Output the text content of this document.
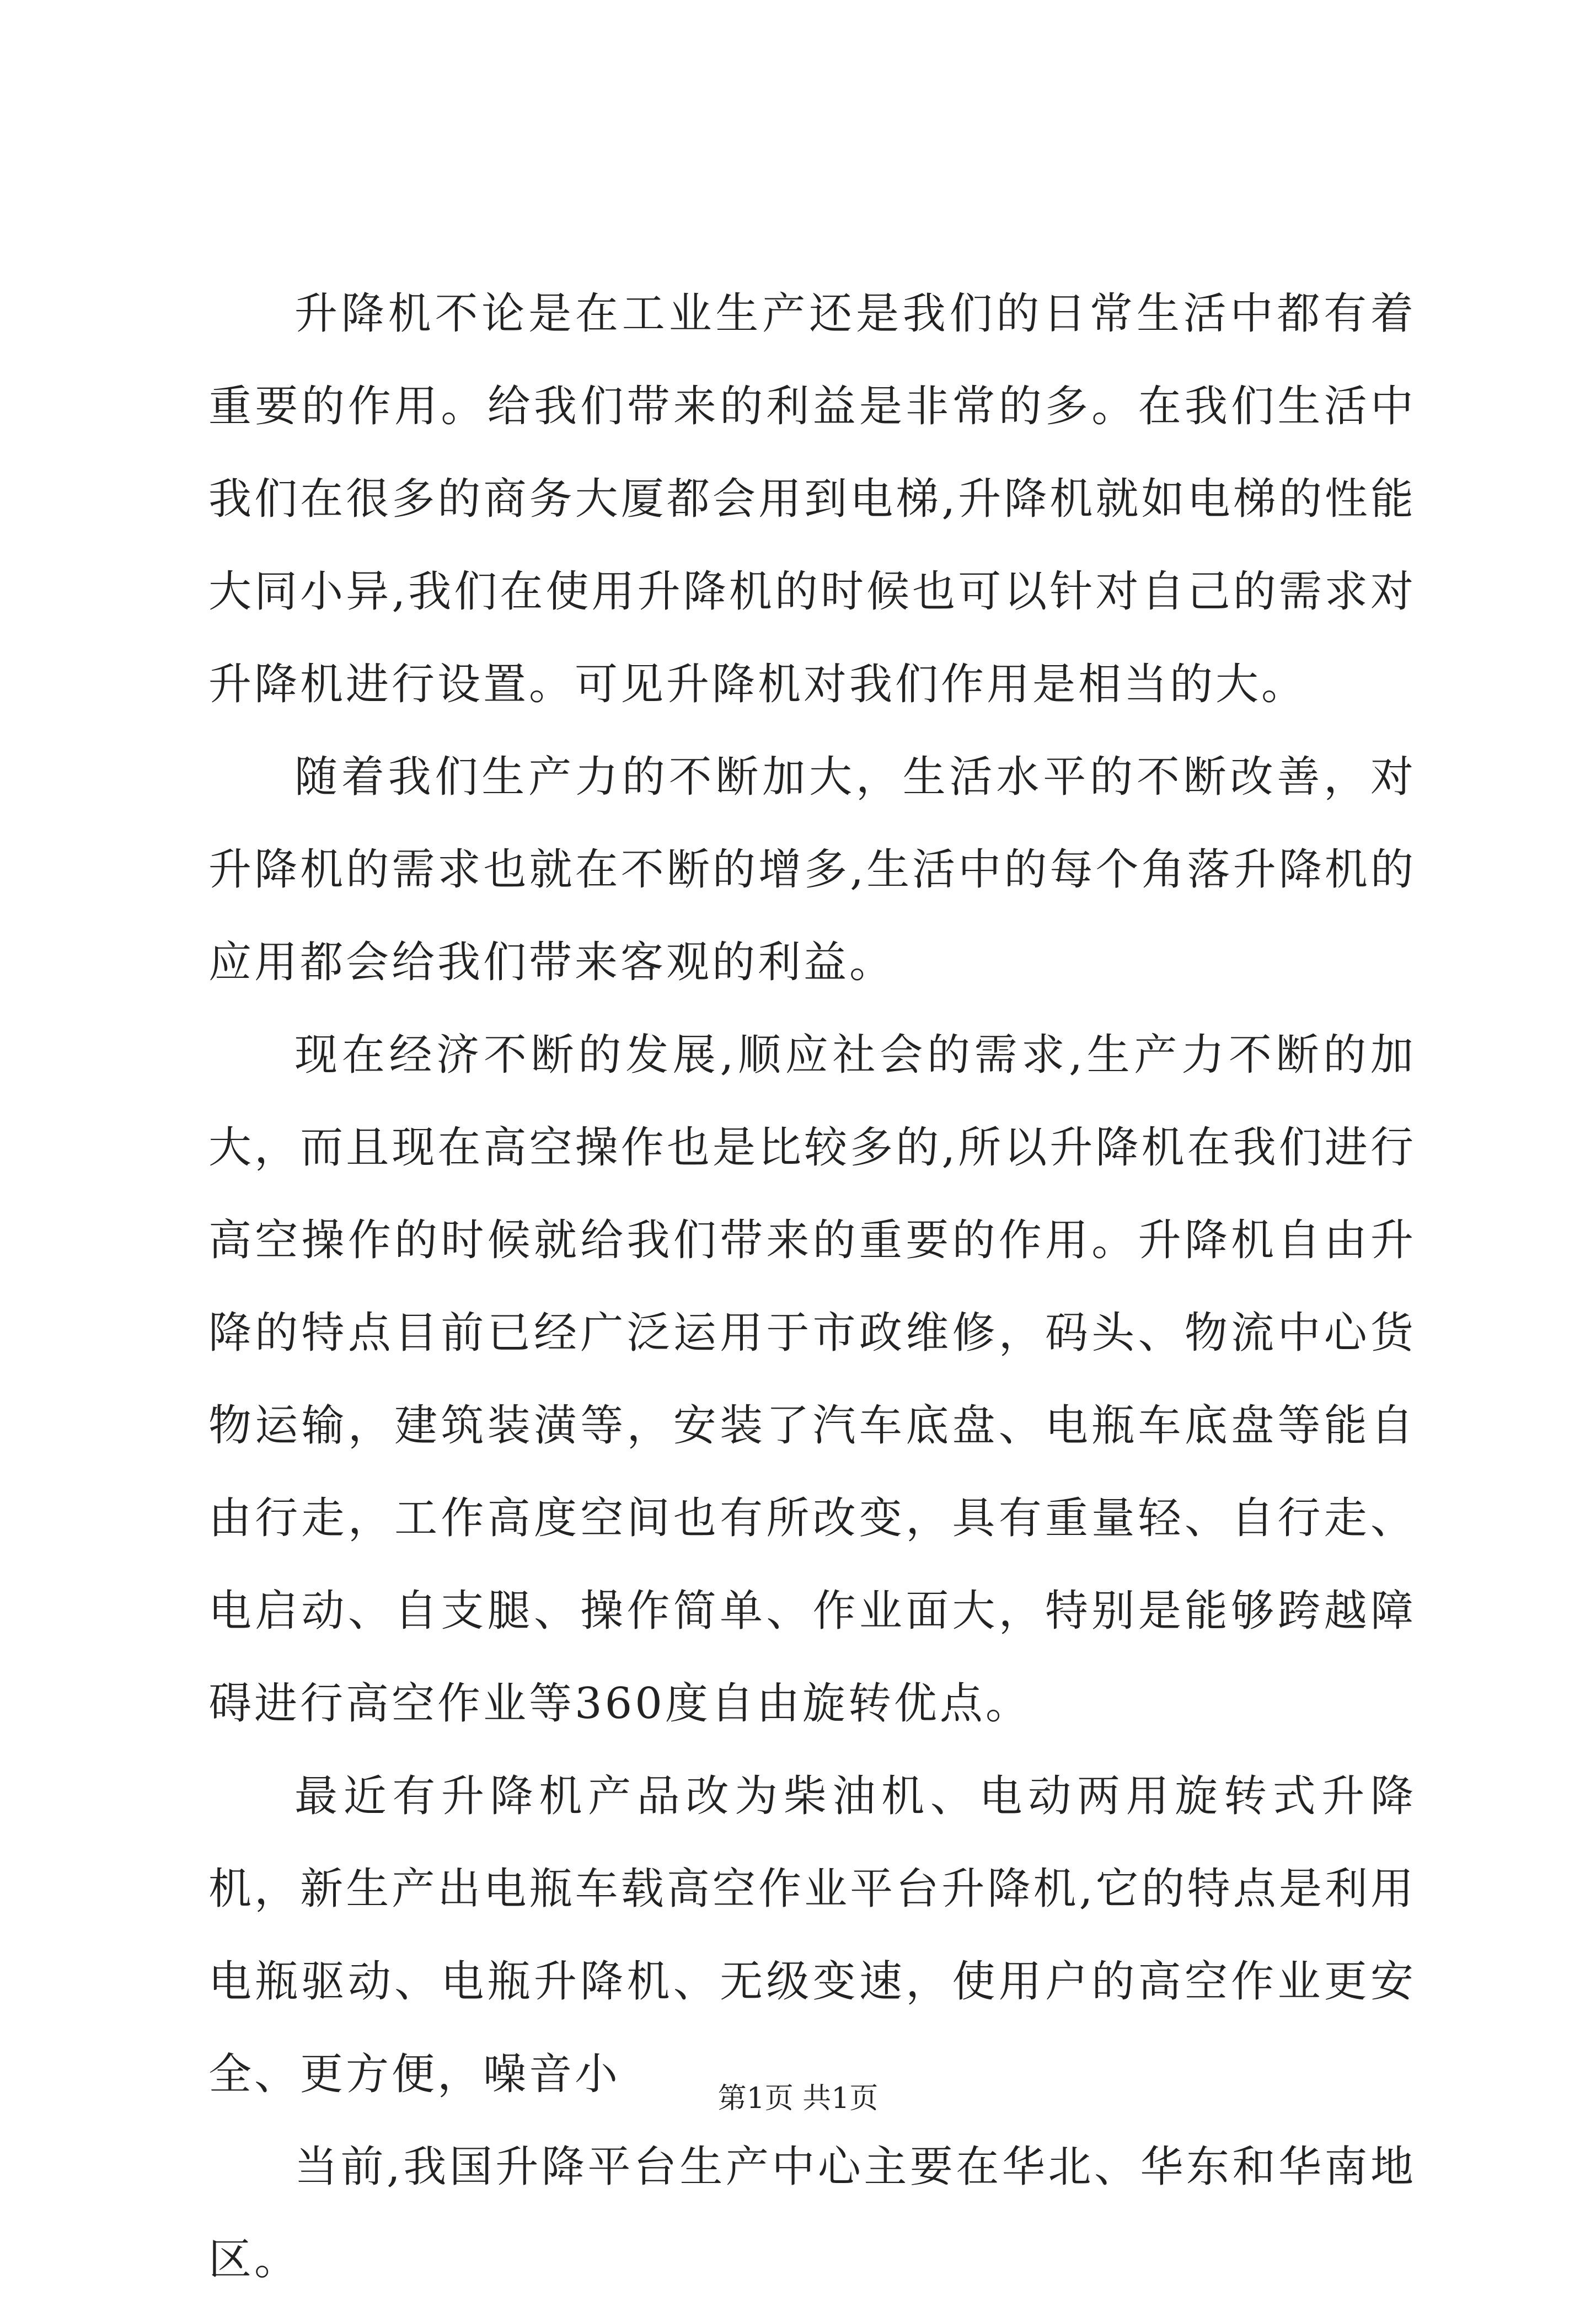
升降机不论是在工业生产还是我们的日常生活中都有着重要的作用。给我们带来的利益是非常的多。在我们生活中我们在很多的商务大厦都会用到电梯,升降机就如电梯的性能大同小异,我们在使用升降机的时候也可以针对自己的需求对升降机进行设置。可见升降机对我们作用是相当的大。

随着我们生产力的不断加大，生活水平的不断改善，对升降机的需求也就在不断的增多,生活中的每个角落升降机的应用都会给我们带来客观的利益。

现在经济不断的发展,顺应社会的需求,生产力不断的加大，而且现在高空操作也是比较多的,所以升降机在我们进行高空操作的时候就给我们带来的重要的作用。升降机自由升降的特点目前已经广泛运用于市政维修，码头、物流中心货物运输，建筑装潢等，安装了汽车底盘、电瓶车底盘等能自由行走，工作高度空间也有所改变，具有重量轻、自行走、电启动、自支腿、操作简单、作业面大，特别是能够跨越障碍进行高空作业等360度自由旋转优点。

最近有升降机产品改为柴油机、电动两用旋转式升降机，新生产出电瓶车载高空作业平台升降机,它的特点是利用电瓶驱动、电瓶升降机、无级变速，使用户的高空作业更安全、更方便，噪音小

当前,我国升降平台生产中心主要在华北、华东和华南地区。

第1页 共1页
